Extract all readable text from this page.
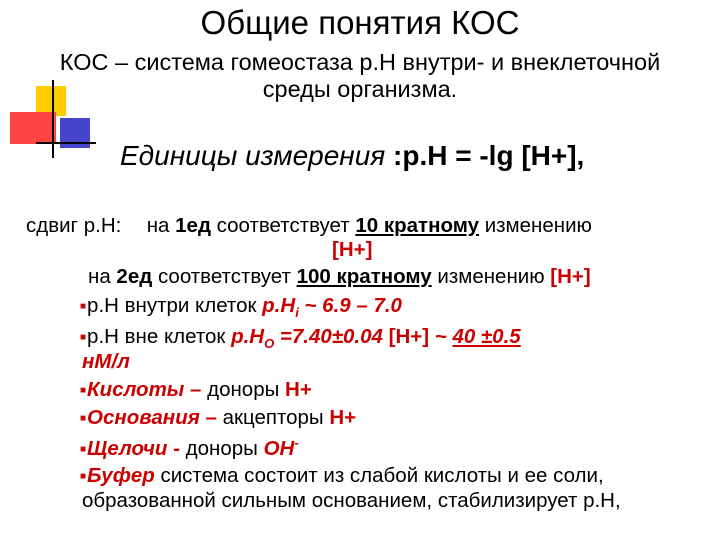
Общие понятия КОС
КОС – система гомеостаза р.Н внутри- и внеклеточной
среды организма.
Единицы измерения :р.Н = -lg [Н+],
сдвиг р.Н: на 1ед соответствует 10 кратному изменению
[Н+]
на 2ед соответствует 100 кратному изменению [Н+]
■р.Н внутри клеток $р.Н_i$ ~ 6.9 – 7.0
■р.Н вне клеток $р.Н_O =7.40\pm 0.04$ [Н+] ~ 40 ±0.5
нМ/л
■Кислоты – доноры Н+
■Основания – акцепторы Н+
■Щелочи - доноры ОН-
■Буфер система состоит из слабой кислоты и ее соли,
образованной сильным основанием, стабилизирует р.Н,
